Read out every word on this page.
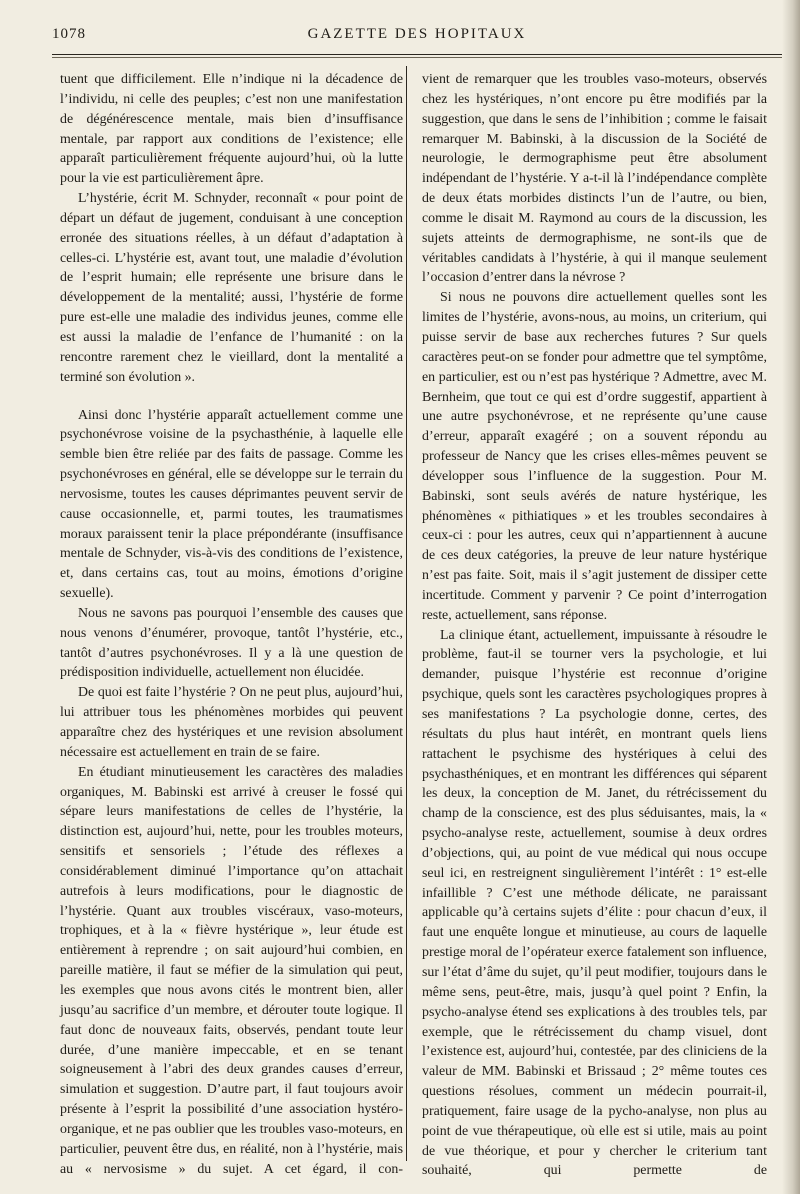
1078	GAZETTE DES HOPITAUX

tuent que difficilement. Elle n’indique ni la décadence de l’individu, ni celle des peuples; c’est non une manifestation de dégénérescence mentale, mais bien d’insuffisance mentale, par rapport aux conditions de l’existence; elle apparaît particulièrement fréquente aujourd’hui, où la lutte pour la vie est particulièrement âpre.

L’hystérie, écrit M. Schnyder, reconnaît « pour point de départ un défaut de jugement, conduisant à une conception erronée des situations réelles, à un défaut d’adaptation à celles-ci. L’hystérie est, avant tout, une maladie d’évolution de l’esprit humain; elle représente une brisure dans le développement de la mentalité; aussi, l’hystérie de forme pure est-elle une maladie des individus jeunes, comme elle est aussi la maladie de l’enfance de l’humanité : on la rencontre rarement chez le vieillard, dont la mentalité a terminé son évolution ».

Ainsi donc l’hystérie apparaît actuellement comme une psychonévrose voisine de la psychasthénie, à laquelle elle semble bien être reliée par des faits de passage. Comme les psychonévroses en général, elle se développe sur le terrain du nervosisme, toutes les causes déprimantes peuvent servir de cause occasionnelle, et, parmi toutes, les traumatismes moraux paraissent tenir la place prépondérante (insuffisance mentale de Schnyder, vis-à-vis des conditions de l’existence, et, dans certains cas, tout au moins, émotions d’origine sexuelle).

Nous ne savons pas pourquoi l’ensemble des causes que nous venons d’énumérer, provoque, tantôt l’hystérie, etc., tantôt d’autres psychonévroses. Il y a là une question de prédisposition individuelle, actuellement non élucidée.

De quoi est faite l’hystérie ? On ne peut plus, aujourd’hui, lui attribuer tous les phénomènes morbides qui peuvent apparaître chez des hystériques et une revision absolument nécessaire est actuellement en train de se faire.

En étudiant minutieusement les caractères des maladies organiques, M. Babinski est arrivé à creuser le fossé qui sépare leurs manifestations de celles de l’hystérie, la distinction est, aujourd’hui, nette, pour les troubles moteurs, sensitifs et sensoriels ; l’étude des réflexes a considérablement diminué l’importance qu’on attachait autrefois à leurs modifications, pour le diagnostic de l’hystérie. Quant aux troubles viscéraux, vaso-moteurs, trophiques, et à la « fièvre hystérique », leur étude est entièrement à reprendre ; on sait aujourd’hui combien, en pareille matière, il faut se méfier de la simulation qui peut, les exemples que nous avons cités le montrent bien, aller jusqu’au sacrifice d’un membre, et dérouter toute logique. Il faut donc de nouveaux faits, observés, pendant toute leur durée, d’une manière impeccable, et en se tenant soigneusement à l’abri des deux grandes causes d’erreur, simulation et suggestion. D’autre part, il faut toujours avoir présente à l’esprit la possibilité d’une association hystéro-organique, et ne pas oublier que les troubles vaso-moteurs, en particulier, peuvent être dus, en réalité, non à l’hystérie, mais au « nervosisme » du sujet. A cet égard, il con-

vient de remarquer que les troubles vaso-moteurs, observés chez les hystériques, n’ont encore pu être modifiés par la suggestion, que dans le sens de l’inhibition ; comme le faisait remarquer M. Babinski, à la discussion de la Société de neurologie, le dermographisme peut être absolument indépendant de l’hystérie. Y a-t-il là l’indépendance complète de deux états morbides distincts l’un de l’autre, ou bien, comme le disait M. Raymond au cours de la discussion, les sujets atteints de dermographisme, ne sont-ils que de véritables candidats à l’hystérie, à qui il manque seulement l’occasion d’entrer dans la névrose ?

Si nous ne pouvons dire actuellement quelles sont les limites de l’hystérie, avons-nous, au moins, un criterium, qui puisse servir de base aux recherches futures ? Sur quels caractères peut-on se fonder pour admettre que tel symptôme, en particulier, est ou n’est pas hystérique ? Admettre, avec M. Bernheim, que tout ce qui est d’ordre suggestif, appartient à une autre psychonévrose, et ne représente qu’une cause d’erreur, apparaît exagéré ; on a souvent répondu au professeur de Nancy que les crises elles-mêmes peuvent se développer sous l’influence de la suggestion. Pour M. Babinski, sont seuls avérés de nature hystérique, les phénomènes « pithiatiques » et les troubles secondaires à ceux-ci : pour les autres, ceux qui n’appartiennent à aucune de ces deux catégories, la preuve de leur nature hystérique n’est pas faite. Soit, mais il s’agit justement de dissiper cette incertitude. Comment y parvenir ? Ce point d’interrogation reste, actuellement, sans réponse.

La clinique étant, actuellement, impuissante à résoudre le problème, faut-il se tourner vers la psychologie, et lui demander, puisque l’hystérie est reconnue d’origine psychique, quels sont les caractères psychologiques propres à ses manifestations ? La psychologie donne, certes, des résultats du plus haut intérêt, en montrant quels liens rattachent le psychisme des hystériques à celui des psychasthéniques, et en montrant les différences qui séparent les deux, la conception de M. Janet, du rétrécissement du champ de la conscience, est des plus séduisantes, mais, la « psycho-analyse reste, actuellement, soumise à deux ordres d’objections, qui, au point de vue médical qui nous occupe seul ici, en restreignent singulièrement l’intérêt : 1° est-elle infaillible ? C’est une méthode délicate, ne paraissant applicable qu’à certains sujets d’élite : pour chacun d’eux, il faut une enquête longue et minutieuse, au cours de laquelle prestige moral de l’opérateur exerce fatalement son influence, sur l’état d’âme du sujet, qu’il peut modifier, toujours dans le même sens, peut-être, mais, jusqu’à quel point ? Enfin, la psycho-analyse étend ses explications à des troubles tels, par exemple, que le rétrécissement du champ visuel, dont l’existence est, aujourd’hui, contestée, par des cliniciens de la valeur de MM. Babinski et Brissaud ; 2° même toutes ces questions résolues, comment un médecin pourrait-il, pratiquement, faire usage de la pycho-analyse, non plus au point de vue thérapeutique, où elle est si utile, mais au point de vue théorique, et pour y chercher le criterium tant souhaité, qui permette de
